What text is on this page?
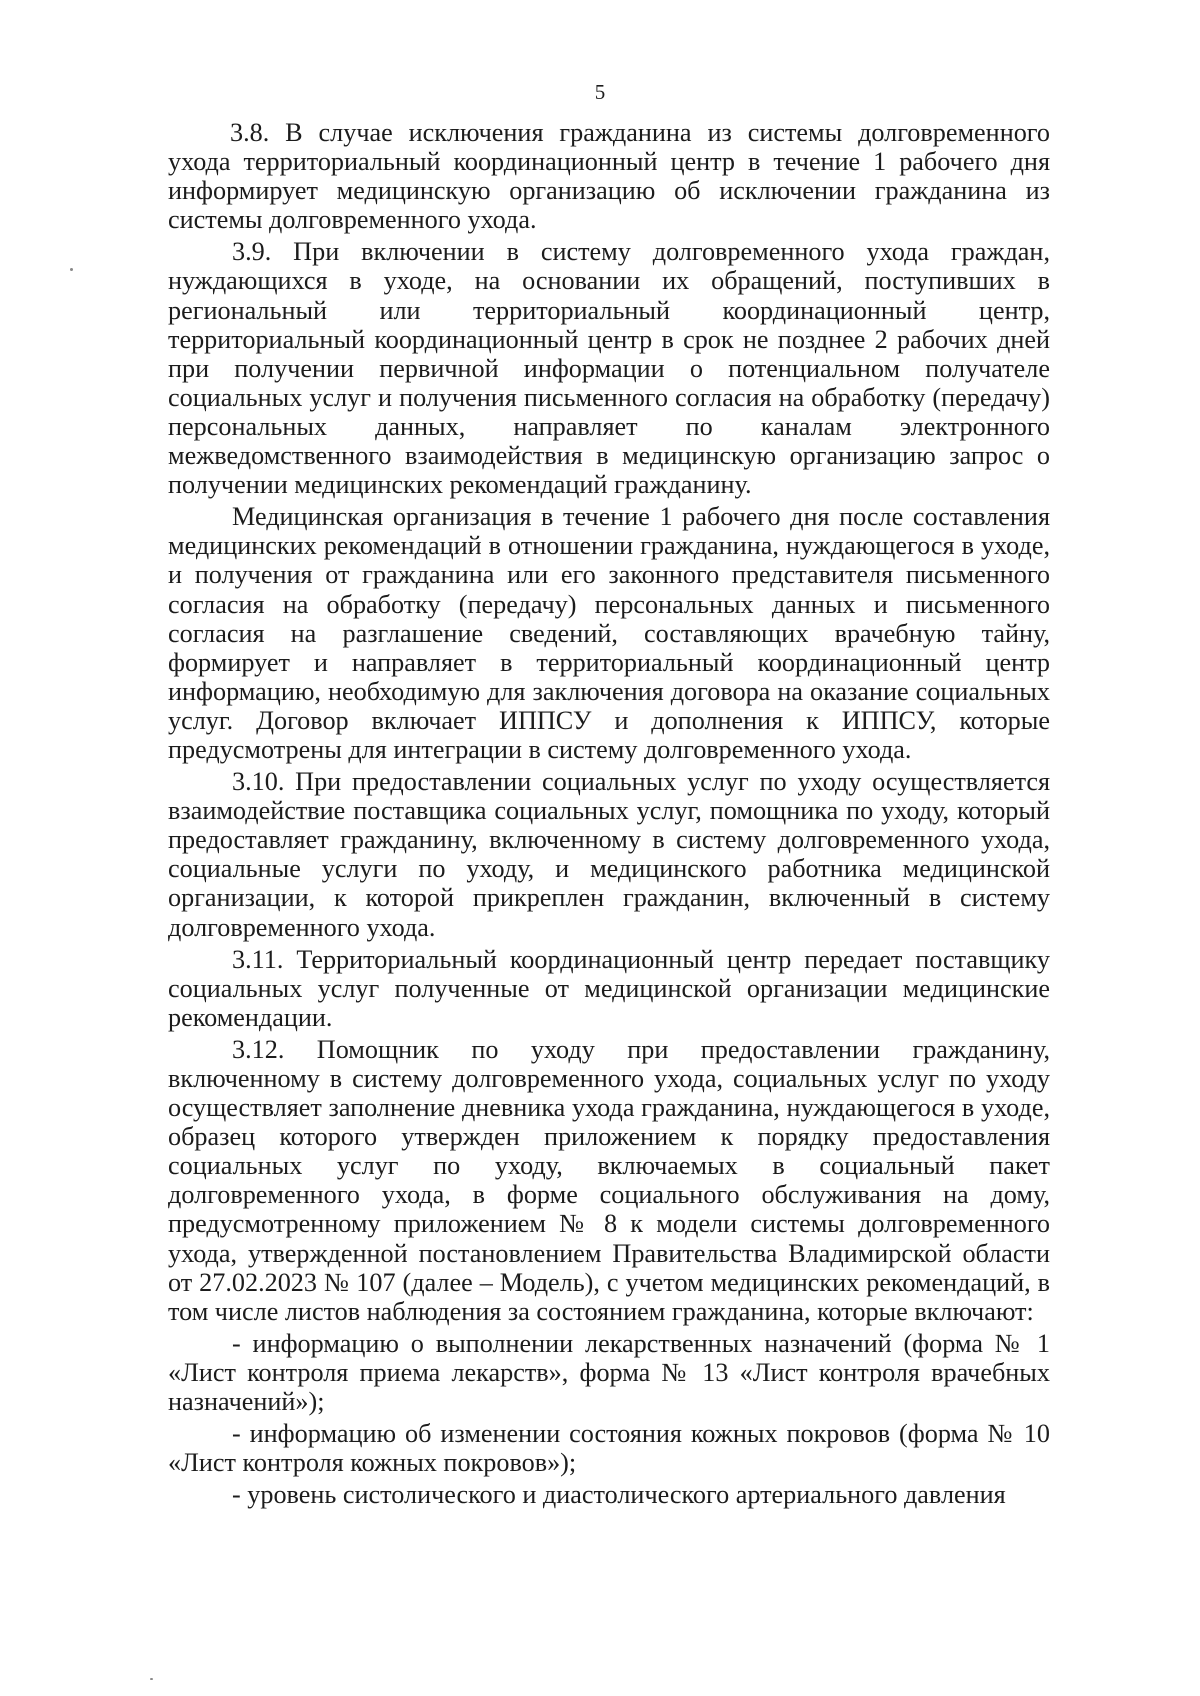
5

3.8. В случае исключения гражданина из системы долговременного ухода территориальный координационный центр в течение 1 рабочего дня информирует медицинскую организацию об исключении гражданина из системы долговременного ухода.

3.9. При включении в систему долговременного ухода граждан, нуждающихся в уходе, на основании их обращений, поступивших в региональный или территориальный координационный центр, территориальный координационный центр в срок не позднее 2 рабочих дней при получении первичной информации о потенциальном получателе социальных услуг и получения письменного согласия на обработку (передачу) персональных данных, направляет по каналам электронного межведомственного взаимодействия в медицинскую организацию запрос о получении медицинских рекомендаций гражданину.

Медицинская организация в течение 1 рабочего дня после составления медицинских рекомендаций в отношении гражданина, нуждающегося в уходе, и получения от гражданина или его законного представителя письменного согласия на обработку (передачу) персональных данных и письменного согласия на разглашение сведений, составляющих врачебную тайну, формирует и направляет в территориальный координационный центр информацию, необходимую для заключения договора на оказание социальных услуг. Договор включает ИППСУ и дополнения к ИППСУ, которые предусмотрены для интеграции в систему долговременного ухода.

3.10. При предоставлении социальных услуг по уходу осуществляется взаимодействие поставщика социальных услуг, помощника по уходу, который предоставляет гражданину, включенному в систему долговременного ухода, социальные услуги по уходу, и медицинского работника медицинской организации, к которой прикреплен гражданин, включенный в систему долговременного ухода.

3.11. Территориальный координационный центр передает поставщику социальных услуг полученные от медицинской организации медицинские рекомендации.

3.12. Помощник по уходу при предоставлении гражданину, включенному в систему долговременного ухода, социальных услуг по уходу осуществляет заполнение дневника ухода гражданина, нуждающегося в уходе, образец которого утвержден приложением к порядку предоставления социальных услуг по уходу, включаемых в социальный пакет долговременного ухода, в форме социального обслуживания на дому, предусмотренному приложением № 8 к модели системы долговременного ухода, утвержденной постановлением Правительства Владимирской области от 27.02.2023 № 107 (далее – Модель), с учетом медицинских рекомендаций, в том числе листов наблюдения за состоянием гражданина, которые включают:

- информацию о выполнении лекарственных назначений (форма № 1 «Лист контроля приема лекарств», форма № 13 «Лист контроля врачебных назначений»);

- информацию об изменении состояния кожных покровов (форма № 10 «Лист контроля кожных покровов»);

- уровень систолического и диастолического артериального давления
